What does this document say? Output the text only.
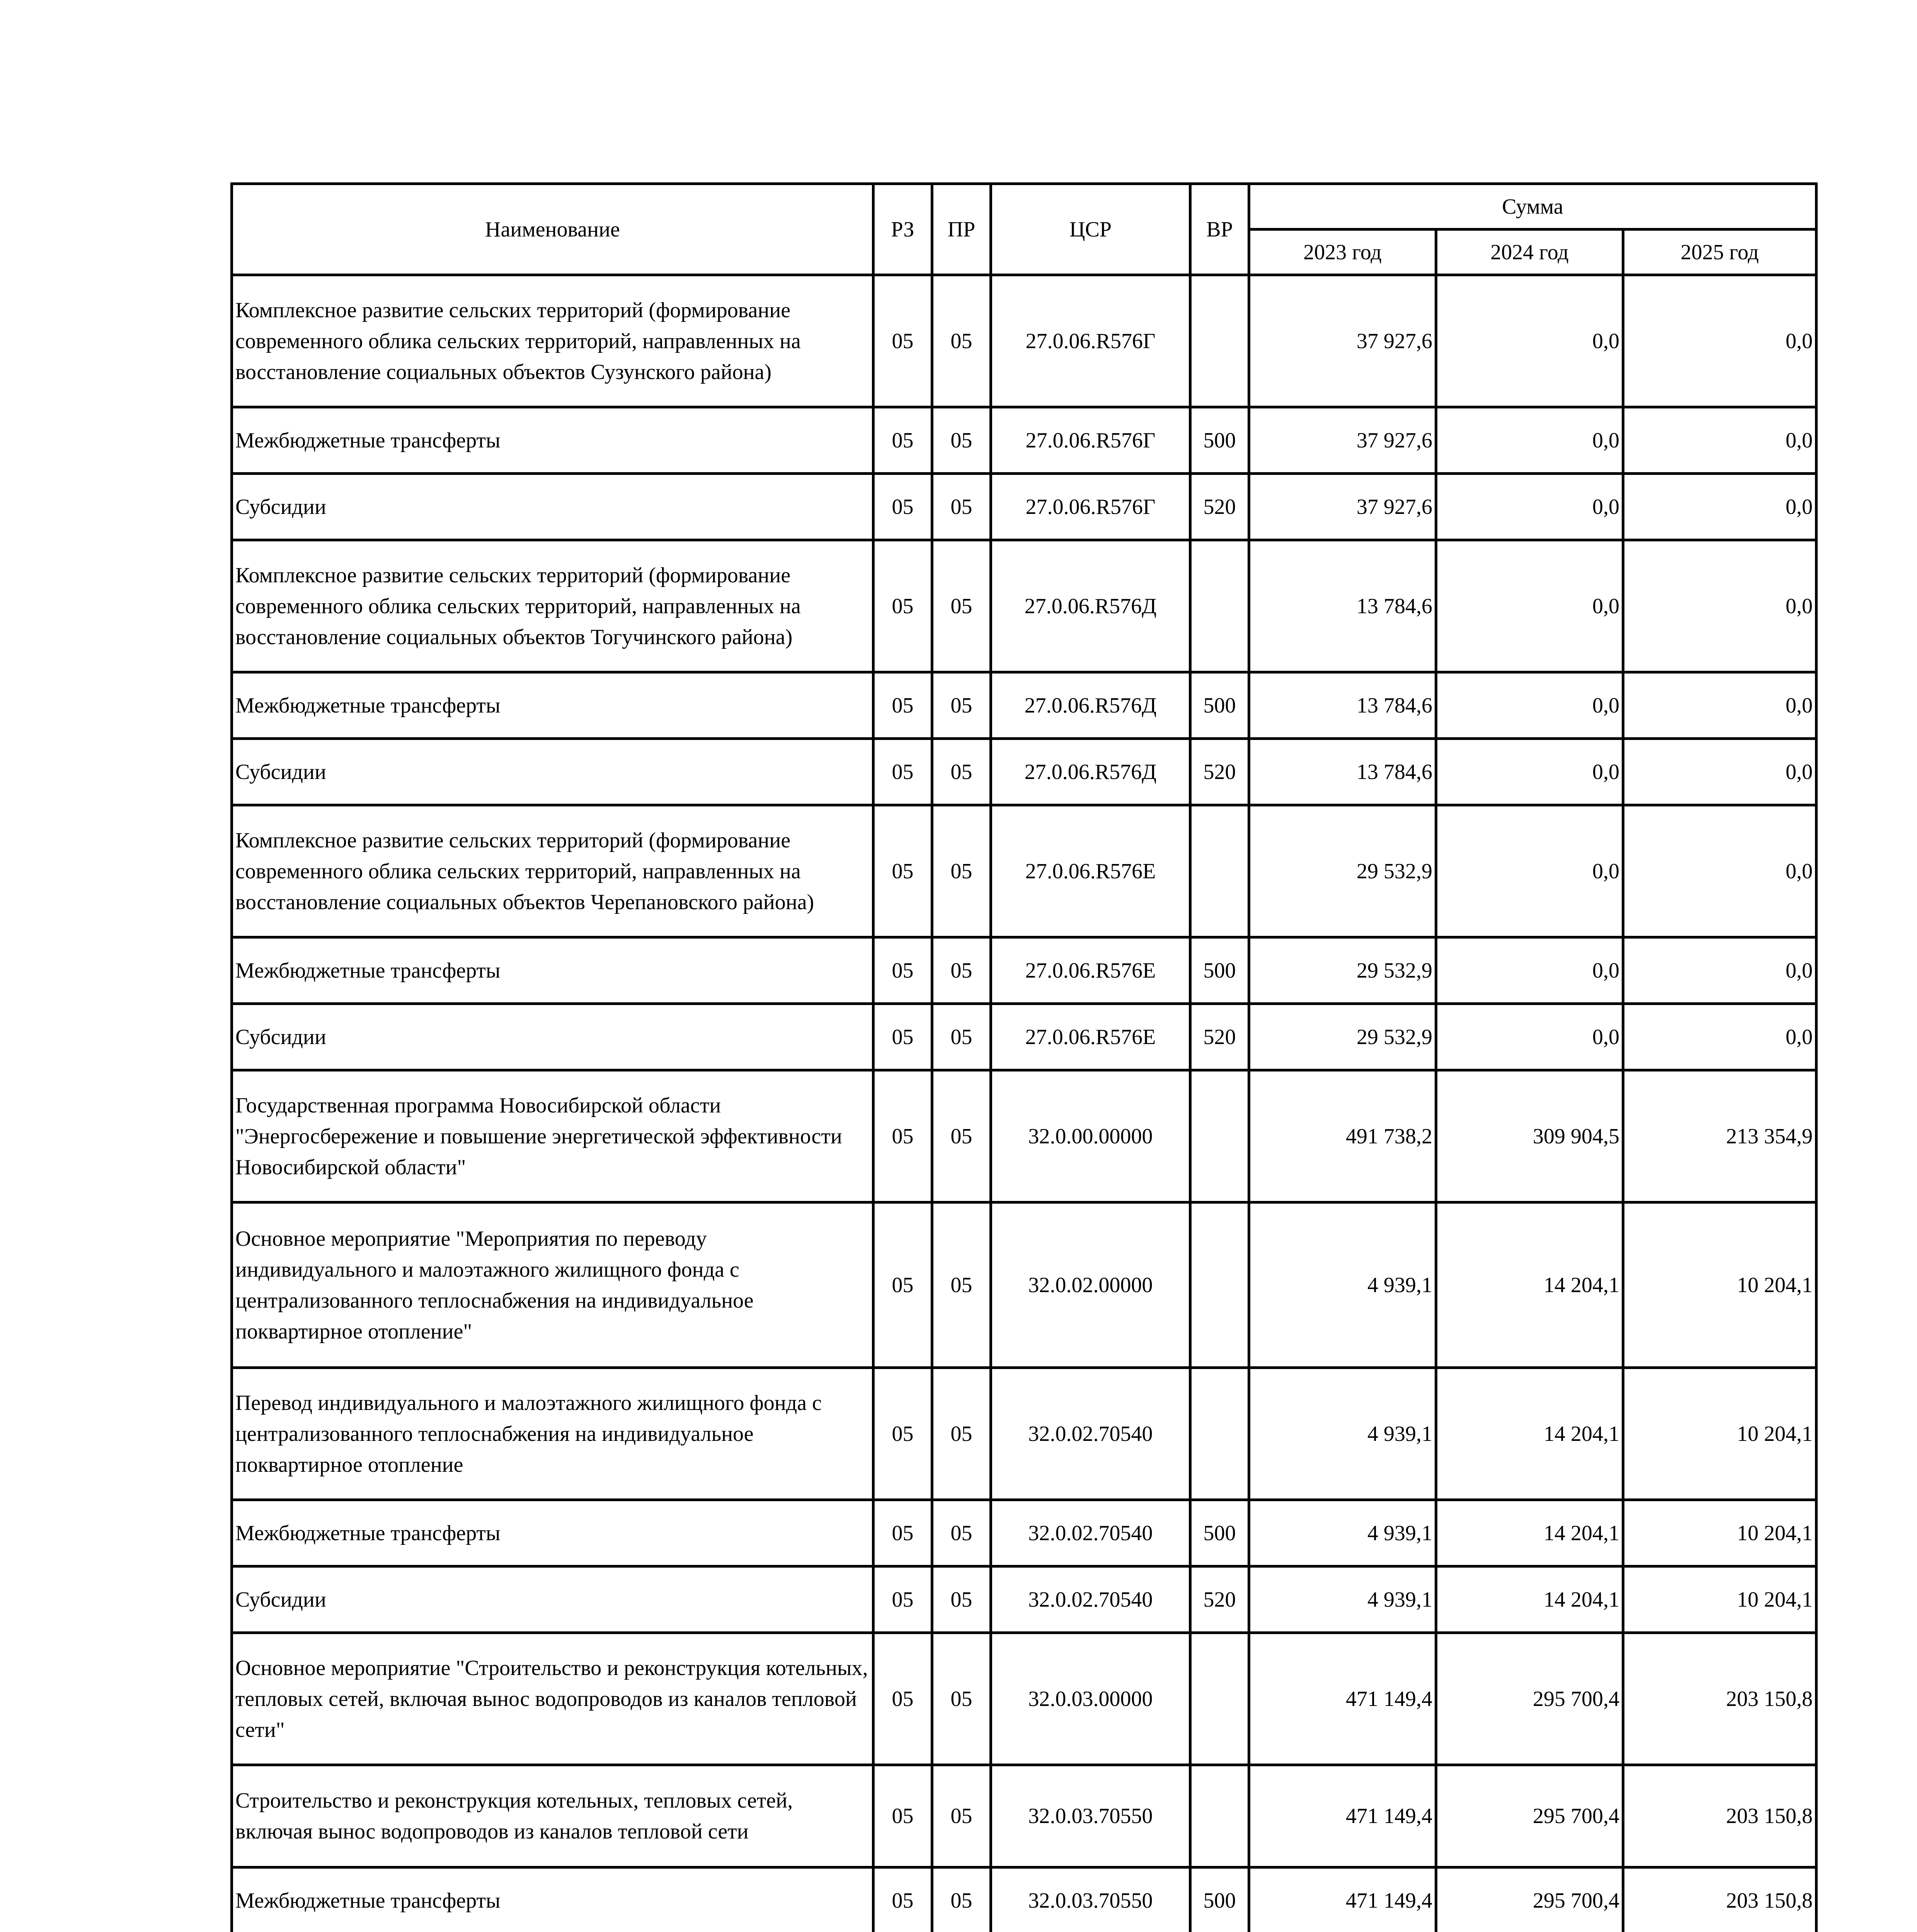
Наименование	РЗ	ПР	ЦСР	ВР	Сумма		
					2023 год	2024 год	2025 год
Комплексное развитие сельских территорий (формирование современного облика сельских территорий, направленных на восстановление социальных объектов Сузунского района)	05	05	27.0.06.R576Г		37 927,6	0,0	0,0
Межбюджетные трансферты	05	05	27.0.06.R576Г	500	37 927,6	0,0	0,0
Субсидии	05	05	27.0.06.R576Г	520	37 927,6	0,0	0,0
Комплексное развитие сельских территорий (формирование современного облика сельских территорий, направленных на восстановление социальных объектов Тогучинского района)	05	05	27.0.06.R576Д		13 784,6	0,0	0,0
Межбюджетные трансферты	05	05	27.0.06.R576Д	500	13 784,6	0,0	0,0
Субсидии	05	05	27.0.06.R576Д	520	13 784,6	0,0	0,0
Комплексное развитие сельских территорий (формирование современного облика сельских территорий, направленных на восстановление социальных объектов Черепановского района)	05	05	27.0.06.R576Е		29 532,9	0,0	0,0
Межбюджетные трансферты	05	05	27.0.06.R576Е	500	29 532,9	0,0	0,0
Субсидии	05	05	27.0.06.R576Е	520	29 532,9	0,0	0,0
Государственная программа Новосибирской области "Энергосбережение и повышение энергетической эффективности Новосибирской области"	05	05	32.0.00.00000		491 738,2	309 904,5	213 354,9
Основное мероприятие "Мероприятия по переводу индивидуального и малоэтажного жилищного фонда с централизованного теплоснабжения на индивидуальное поквартирное отопление"	05	05	32.0.02.00000		4 939,1	14 204,1	10 204,1
Перевод индивидуального и малоэтажного жилищного фонда с централизованного теплоснабжения на индивидуальное поквартирное отопление	05	05	32.0.02.70540		4 939,1	14 204,1	10 204,1
Межбюджетные трансферты	05	05	32.0.02.70540	500	4 939,1	14 204,1	10 204,1
Субсидии	05	05	32.0.02.70540	520	4 939,1	14 204,1	10 204,1
Основное мероприятие "Строительство и реконструкция котельных, тепловых сетей, включая вынос водопроводов из каналов тепловой сети"	05	05	32.0.03.00000		471 149,4	295 700,4	203 150,8
Строительство и реконструкция котельных, тепловых сетей, включая вынос водопроводов из каналов тепловой сети	05	05	32.0.03.70550		471 149,4	295 700,4	203 150,8
Межбюджетные трансферты	05	05	32.0.03.70550	500	471 149,4	295 700,4	203 150,8
